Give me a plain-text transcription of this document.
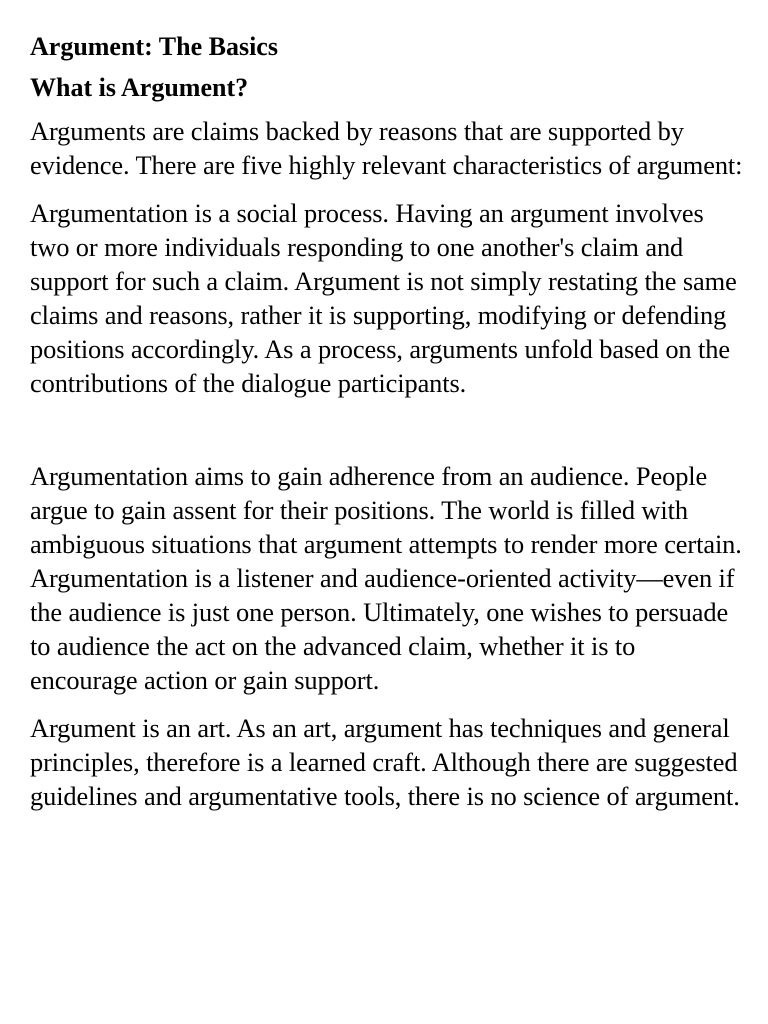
Argument: The Basics
What is Argument?

Arguments are claims backed by reasons that are supported by evidence. There are five highly relevant characteristics of argument:

Argumentation is a social process. Having an argument involves two or more individuals responding to one another's claim and support for such a claim. Argument is not simply restating the same claims and reasons, rather it is supporting, modifying or defending positions accordingly. As a process, arguments unfold based on the contributions of the dialogue participants.

Argumentation aims to gain adherence from an audience. People argue to gain assent for their positions. The world is filled with ambiguous situations that argument attempts to render more certain. Argumentation is a listener and audience-oriented activity—even if the audience is just one person. Ultimately, one wishes to persuade to audience the act on the advanced claim, whether it is to encourage action or gain support.

Argument is an art. As an art, argument has techniques and general principles, therefore is a learned craft. Although there are suggested guidelines and argumentative tools, there is no science of argument.
